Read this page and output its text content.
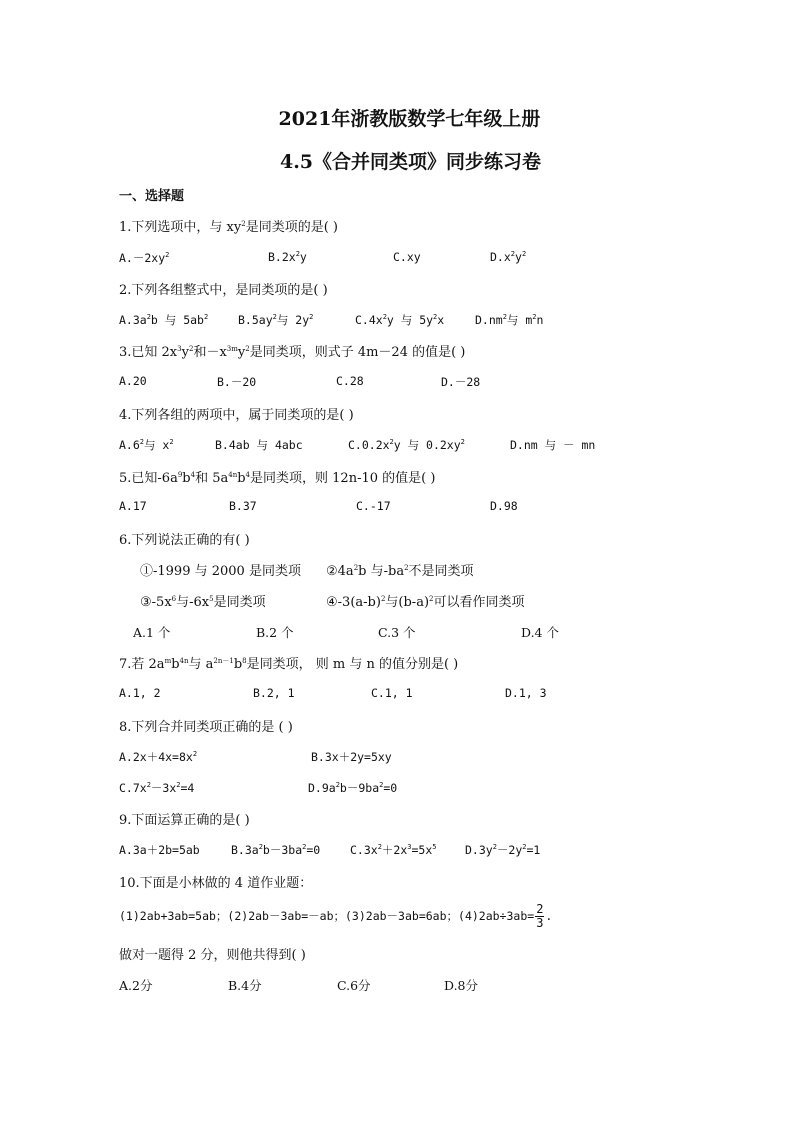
2021年浙教版数学七年级上册
4.5《合并同类项》同步练习卷
一、选择题
1.下列选项中，与 $xy^2$是同类项的是( )
$A.-2xy^2$	$B.2x^2y$	C.xy	$D.x^2y^2$
2.下列各组整式中，是同类项的是( )
$A.3a^2b$ 与 $5ab^2$	$B.5ay^2$与 $2y^2$	$C.4x^2y$ 与 $5y^2x$	$D.nm^2$与 $m^2n$
3.已知 $2x^3y^2$和$-x^{3m}y^2$是同类项，则式子 4m－24 的值是( )
A.20	B.－20	C.28	D.－28
4.下列各组的两项中，属于同类项的是( )
$A.6^2$与 $x^2$	B.4ab 与 4abc	$C.0.2x^2y$ 与 $0.2xy^2$	D.nm 与 － mn
5.已知$-6a^9b^4$和 $5a^{4n}b^4$是同类项，则 12n-10 的值是( )
A.17	B.37	C.-17	D.98
6.下列说法正确的有( )
①-1999 与 2000 是同类项 $②4a^2b$ 与$-ba^2$不是同类项
$③-5x^6$与$-6x^5$是同类项	$④-3(a-b)^2$与$(b-a)^2$可以看作同类项
A.1 个	B.2 个	C.3 个	D.4 个
7.若 $2a^mb^{4n}$与 $a^{2n-1}b^8$是同类项， 则 m 与 n 的值分别是( )
A.1, 2	B.2, 1	C.1, 1	D.1, 3
8.下列合并同类项正确的是 ( )
$A.2x+4x=8x^2$	B.3x＋2y=5xy
$C.7x^2-3x^2=4$	$D.9a^2b-9ba^2=0$
9.下面运算正确的是( )
A.3a＋2b=5ab	$B.3a^2b-3ba^2=0$	$C.3x^2+2x^3=5x^5$ $D.3y^2-2y^2=1$
10.下面是小林做的 4 道作业题：
(1)2ab+3ab=5ab；(2)2ab－3ab=－ab；(3)2ab－3ab=6ab；$(4)2ab\div 3ab= \frac{2}{3}$ .
做对一题得 2 分，则他共得到( )
A.2分	B.4分	C.6分	D.8分
